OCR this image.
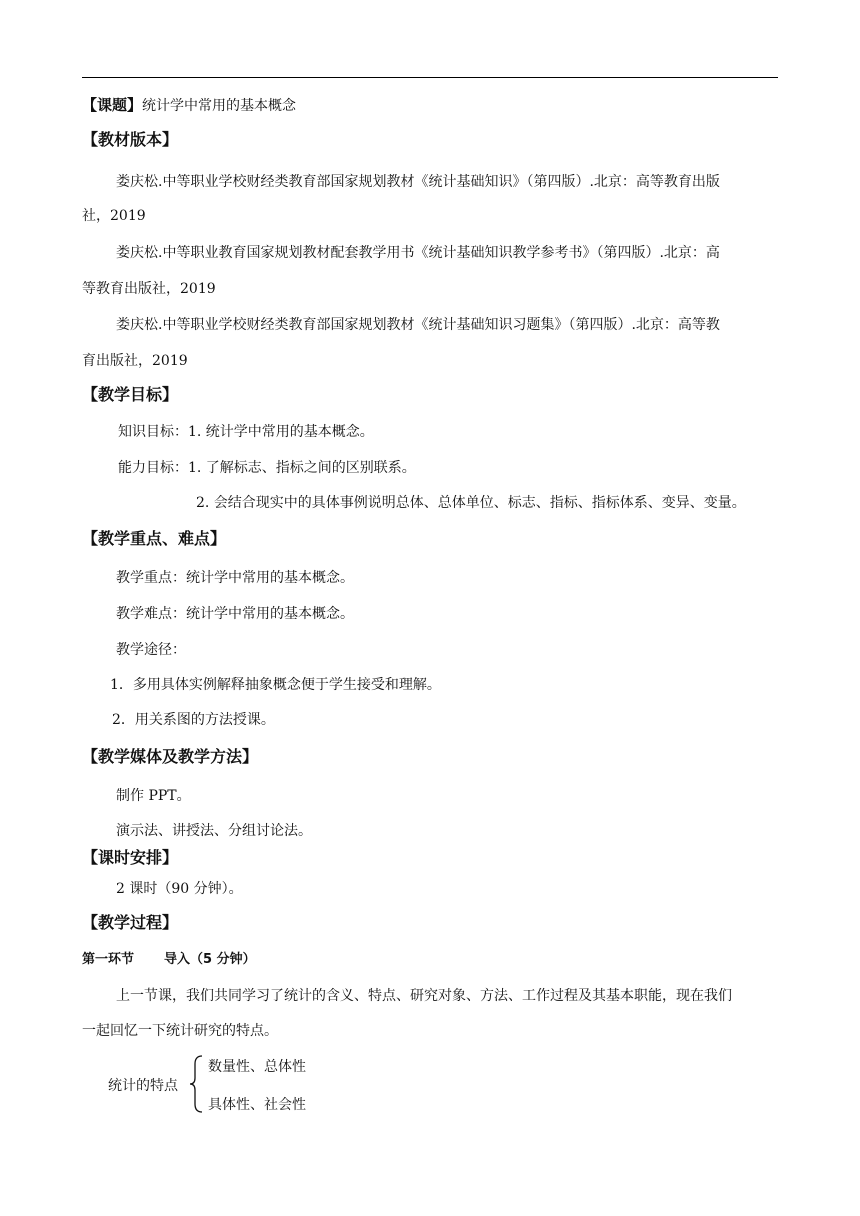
【课题】统计学中常用的基本概念
【教材版本】
娄庆松.中等职业学校财经类教育部国家规划教材《统计基础知识》（第四版）.北京：高等教育出版
社，2019
娄庆松.中等职业教育国家规划教材配套教学用书《统计基础知识教学参考书》（第四版）.北京：高
等教育出版社，2019
娄庆松.中等职业学校财经类教育部国家规划教材《统计基础知识习题集》（第四版）.北京：高等教
育出版社，2019
【教学目标】
知识目标：1. 统计学中常用的基本概念。
能力目标：1. 了解标志、指标之间的区别联系。
2. 会结合现实中的具体事例说明总体、总体单位、标志、指标、指标体系、变异、变量。
【教学重点、难点】
教学重点：统计学中常用的基本概念。
教学难点：统计学中常用的基本概念。
教学途径：
1．多用具体实例解释抽象概念便于学生接受和理解。
2．用关系图的方法授课。
【教学媒体及教学方法】
制作 PPT。
演示法、讲授法、分组讨论法。
【课时安排】
2 课时（90 分钟）。
【教学过程】
第一环节 导入（5 分钟）
上一节课，我们共同学习了统计的含义、特点、研究对象、方法、工作过程及其基本职能，现在我们
一起回忆一下统计研究的特点。
统计的特点
数量性、总体性
具体性、社会性
